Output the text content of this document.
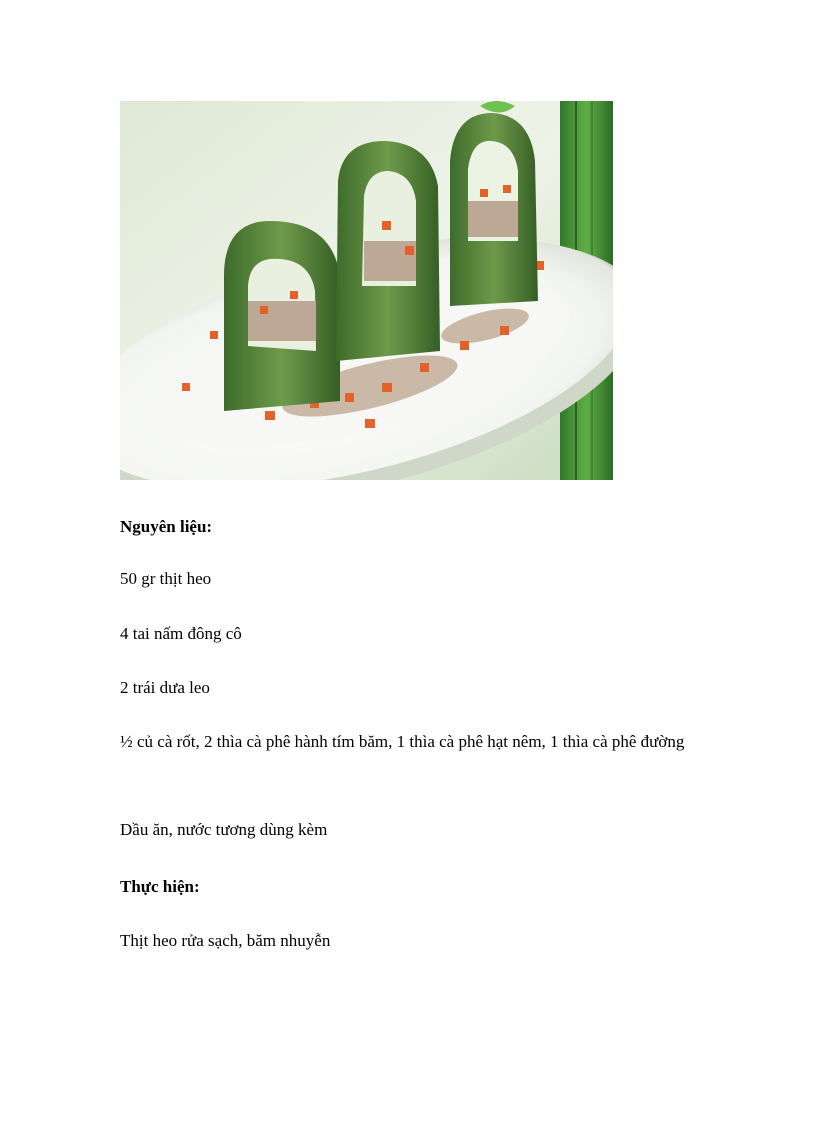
Nguyên liệu:
50 gr thịt heo
4 tai nấm đông cô
2 trái dưa leo
½ củ cà rốt, 2 thìa cà phê hành tím băm, 1 thìa cà phê hạt nêm, 1 thìa cà phê đường
Dầu ăn, nước tương dùng kèm
Thực hiện:
Thịt heo rửa sạch, băm nhuyễn
